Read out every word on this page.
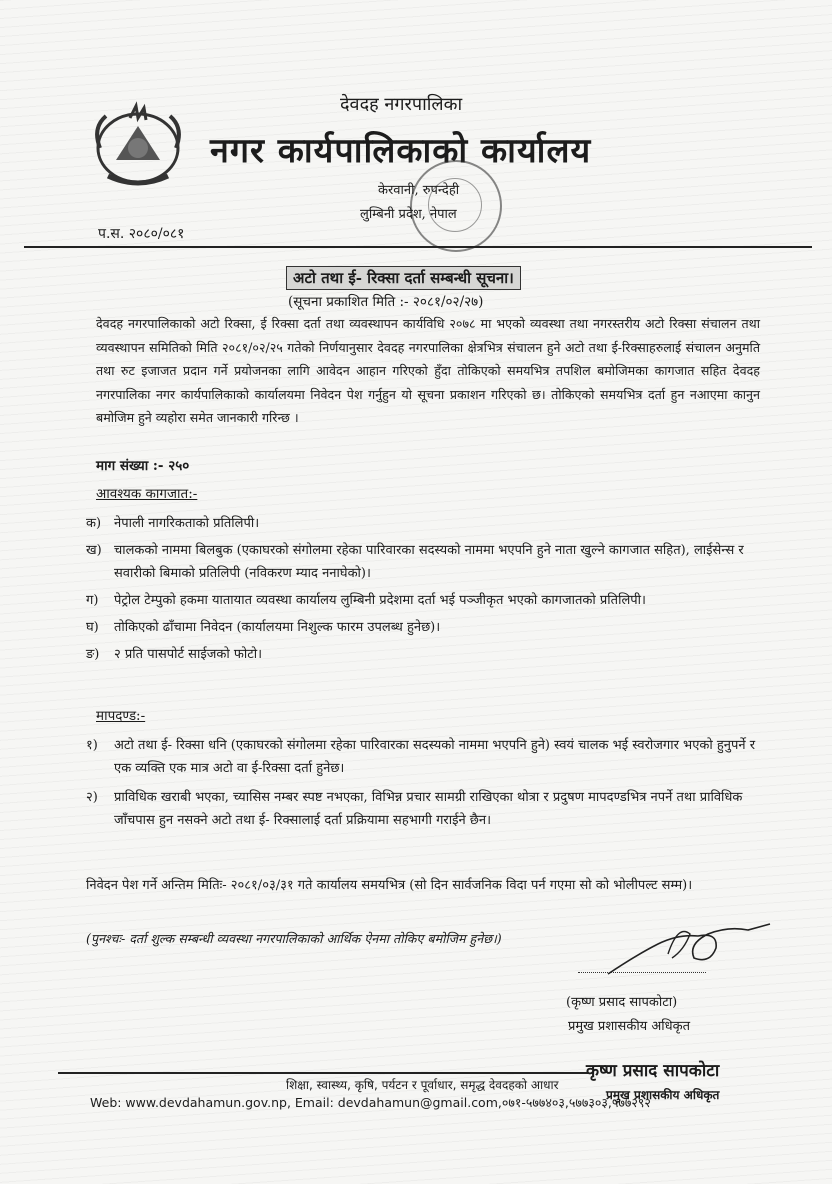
देवदह नगरपालिका
नगर कार्यपालिकाको कार्यालय
केरवानी, रुपन्देही
लुम्बिनी प्रदेश, नेपाल
प.स. २०८०/०८१
अटो तथा ई- रिक्सा दर्ता सम्बन्धी सूचना।
(सूचना प्रकाशित मिति :- २०८१/०२/२७)
देवदह नगरपालिकाको अटो रिक्सा, ई रिक्सा दर्ता तथा व्यवस्थापन कार्यविधि २०७८ मा भएको व्यवस्था तथा नगरस्तरीय अटो रिक्सा संचालन तथा व्यवस्थापन समितिको मिति २०८१/०२/२५ गतेको निर्णयानुसार देवदह नगरपालिका क्षेत्रभित्र संचालन हुने अटो तथा ई-रिक्साहरुलाई संचालन अनुमति तथा रुट इजाजत प्रदान गर्ने प्रयोजनका लागि आवेदन आहान गरिएको हुँदा तोकिएको समयभित्र तपशिल बमोजिमका कागजात सहित देवदह नगरपालिका नगर कार्यपालिकाको कार्यालयमा निवेदन पेश गर्नुहुन यो सूचना प्रकाशन गरिएको छ। तोकिएको समयभित्र दर्ता हुन नआएमा कानुन बमोजिम हुने व्यहोरा समेत जानकारी गरिन्छ ।
माग संख्या :- २५०
आवश्यक कागजात:-
क) नेपाली नागरिकताको प्रतिलिपी।
ख) चालकको नाममा बिलबुक (एकाघरको संगोलमा रहेका पारिवारका सदस्यको नाममा भएपनि हुने नाता खुल्ने कागजात सहित), लाईसेन्स र सवारीको बिमाको प्रतिलिपी (नविकरण म्याद ननाघेको)।
ग)	पेट्रोल टेम्पुको हकमा यातायात व्यवस्था कार्यालय लुम्बिनी प्रदेशमा दर्ता भई पञ्जीकृत भएको कागजातको प्रतिलिपी।
घ)	तोकिएको ढाँचामा निवेदन (कार्यालयमा निशुल्क फारम उपलब्ध हुनेछ)।
ङ)	२ प्रति पासपोर्ट साईजको फोटो।
मापदण्ड:-
१)	अटो तथा ई- रिक्सा धनि (एकाघरको संगोलमा रहेका पारिवारका सदस्यको नाममा भएपनि हुने) स्वयं चालक भई स्वरोजगार भएको हुनुपर्ने र एक व्यक्ति एक मात्र अटो वा ई-रिक्सा दर्ता हुनेछ।
२)	प्राविधिक खराबी भएका, च्यासिस नम्बर स्पष्ट नभएका, विभिन्न प्रचार सामग्री राखिएका थोत्रा र प्रदुषण मापदण्डभित्र नपर्ने तथा प्राविधिक जाँचपास हुन नसक्ने अटो तथा ई- रिक्सालाई दर्ता प्रक्रियामा सहभागी गराईने छैन।
निवेदन पेश गर्ने अन्तिम मितिः- २०८१/०३/३१ गते कार्यालय समयभित्र (सो दिन सार्वजनिक विदा पर्न गएमा सो को भोलीपल्ट सम्म)।
(पुनश्चः- दर्ता शुल्क सम्बन्धी व्यवस्था नगरपालिकाको आर्थिक ऐनमा तोकिए बमोजिम हुनेछ।)
(कृष्ण प्रसाद सापकोटा)
प्रमुख प्रशासकीय अधिकृत
कृष्ण प्रसाद सापकोटा
प्रमुख प्रशासकीय अधिकृत
शिक्षा, स्वास्थ्य, कृषि, पर्यटन र पूर्वाधार, समृद्ध देवदहको आधार
Web: www.devdahamun.gov.np, Email: devdahamun@gmail.com,०७१-५७७४०३,५७७३०३,५७७२९२
